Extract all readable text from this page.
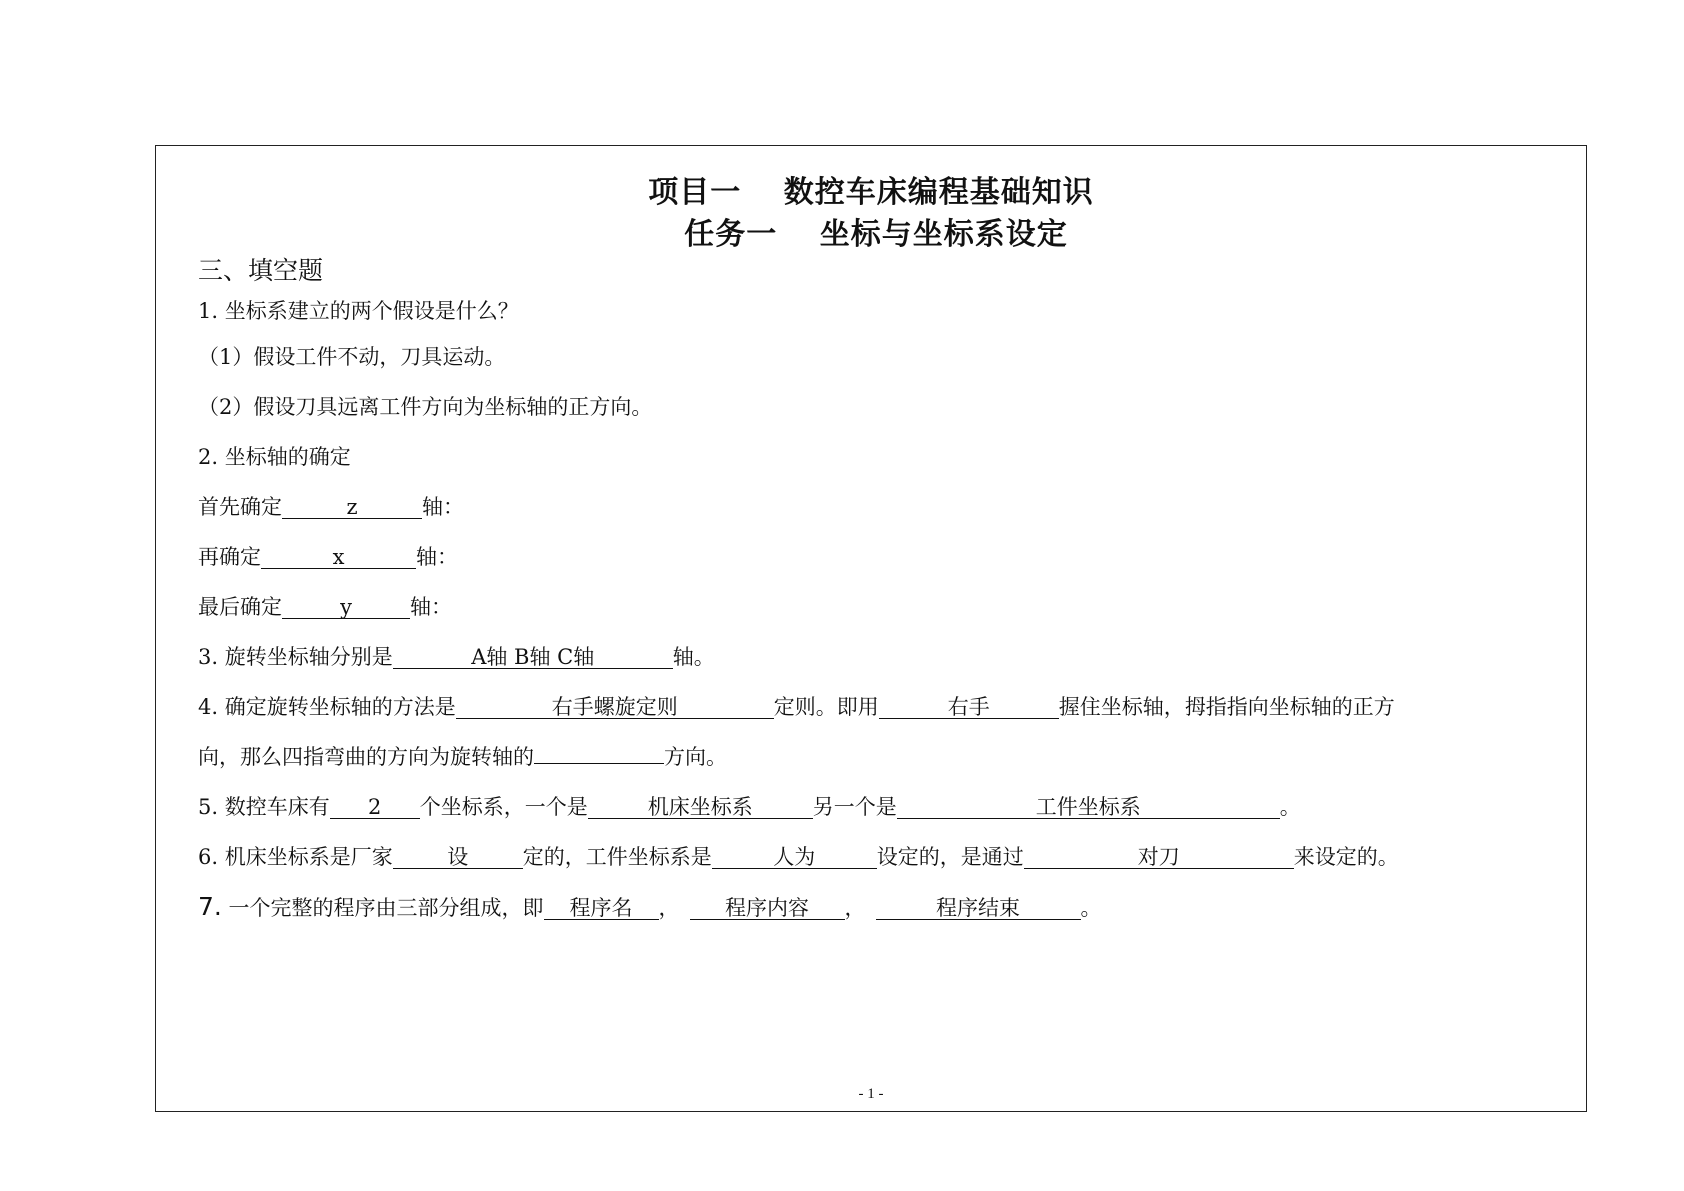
项目一　 数控车床编程基础知识
任务一　 坐标与坐标系设定
三、填空题
1. 坐标系建立的两个假设是什么？
（1）假设工件不动，刀具运动。
（2）假设刀具远离工件方向为坐标轴的正方向。
2. 坐标轴的确定
首先确定	z	轴：
再确定	x	轴：
最后确定	y	轴：
3. 旋转坐标轴分别是	A轴 B轴 C轴	轴。
4. 确定旋转坐标轴的方法是	右手螺旋定则	定则。即用	右手	握住坐标轴，拇指指向坐标轴的正方
向，那么四指弯曲的方向为旋转轴的	方向。
5. 数控车床有 2 个坐标系，一个是	机床坐标系	另一个是	工件坐标系	。
6. 机床坐标系是厂家	设	定的，工件坐标系是	人为	设定的，是通过	对刀	来设定的。
7. 一个完整的程序由三部分组成，即 程序名 ， 程序内容 ，	程序结束	。
- 1 -
